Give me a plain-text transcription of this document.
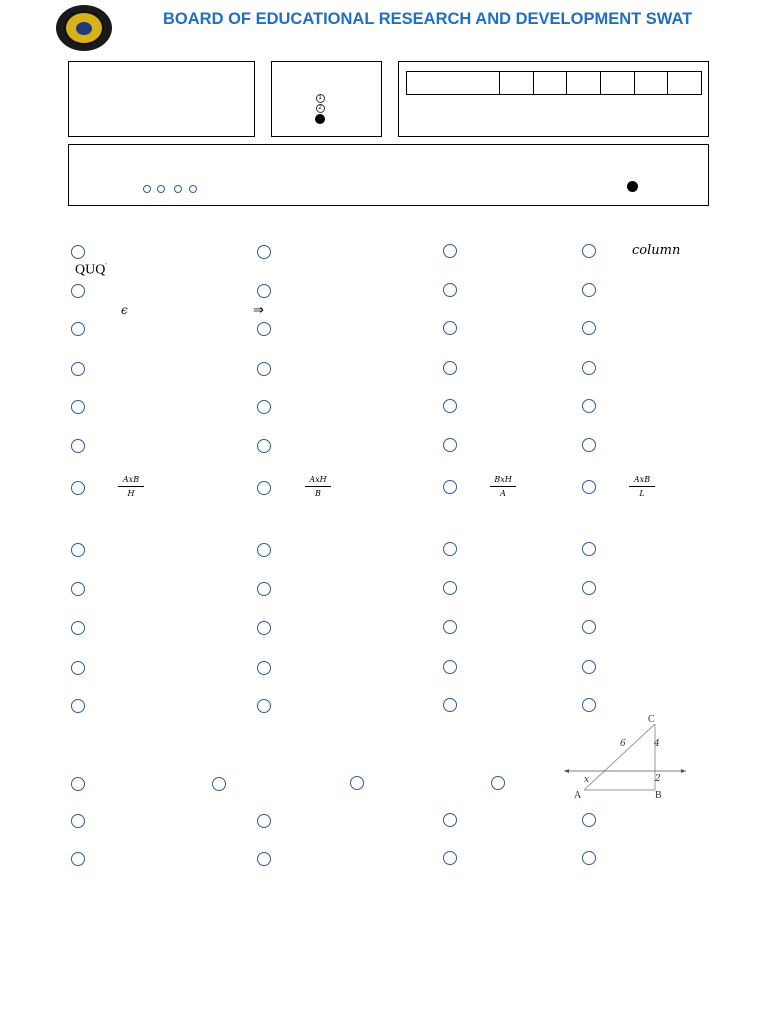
BOARD OF EDUCATIONAL RESEARCH AND DEVELOPMENT SWAT
1
2

column
QUQ'
ϵ	⇒
AxB
H
AxH
B
BxH
A
AxB
L
C
A	B
6	4
2
x
